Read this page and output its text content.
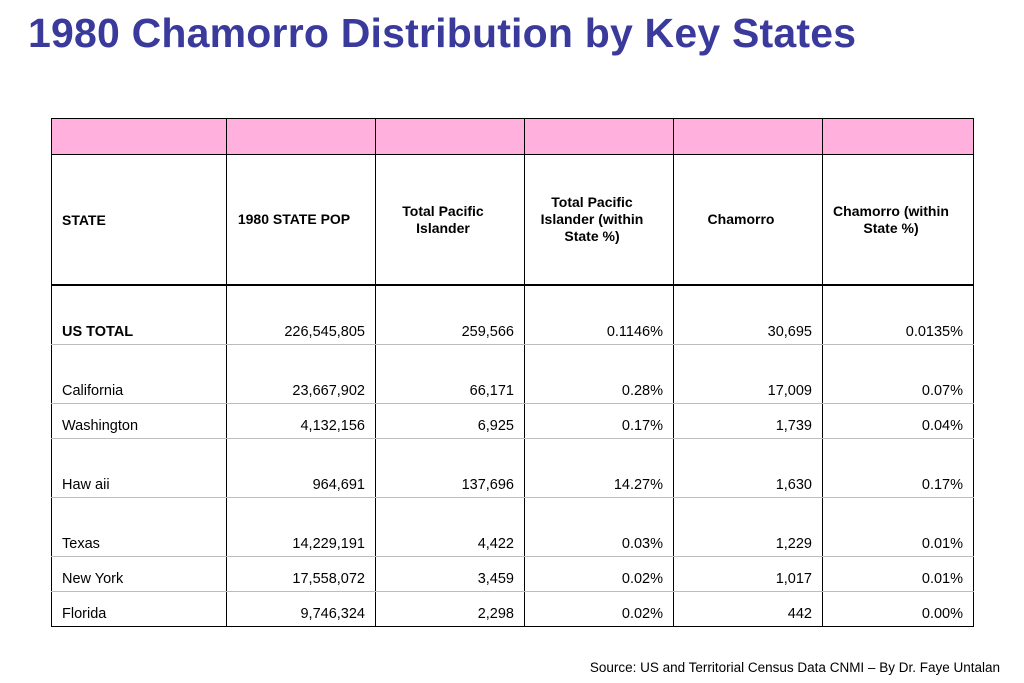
1980 Chamorro Distribution by Key States

STATE	1980 STATE POP	Total Pacific Islander	Total Pacific Islander (within State %)	Chamorro	Chamorro (within State %)

US TOTAL	226,545,805	259,566	0.1146%	30,695	0.0135%
California	23,667,902	66,171	0.28%	17,009	0.07%
Washington	4,132,156	6,925	0.17%	1,739	0.04%
Haw aii	964,691	137,696	14.27%	1,630	0.17%
Texas	14,229,191	4,422	0.03%	1,229	0.01%
New York	17,558,072	3,459	0.02%	1,017	0.01%
Florida	9,746,324	2,298	0.02%	442	0.00%
Source: US and Territorial Census Data CNMI – By Dr. Faye Untalan
